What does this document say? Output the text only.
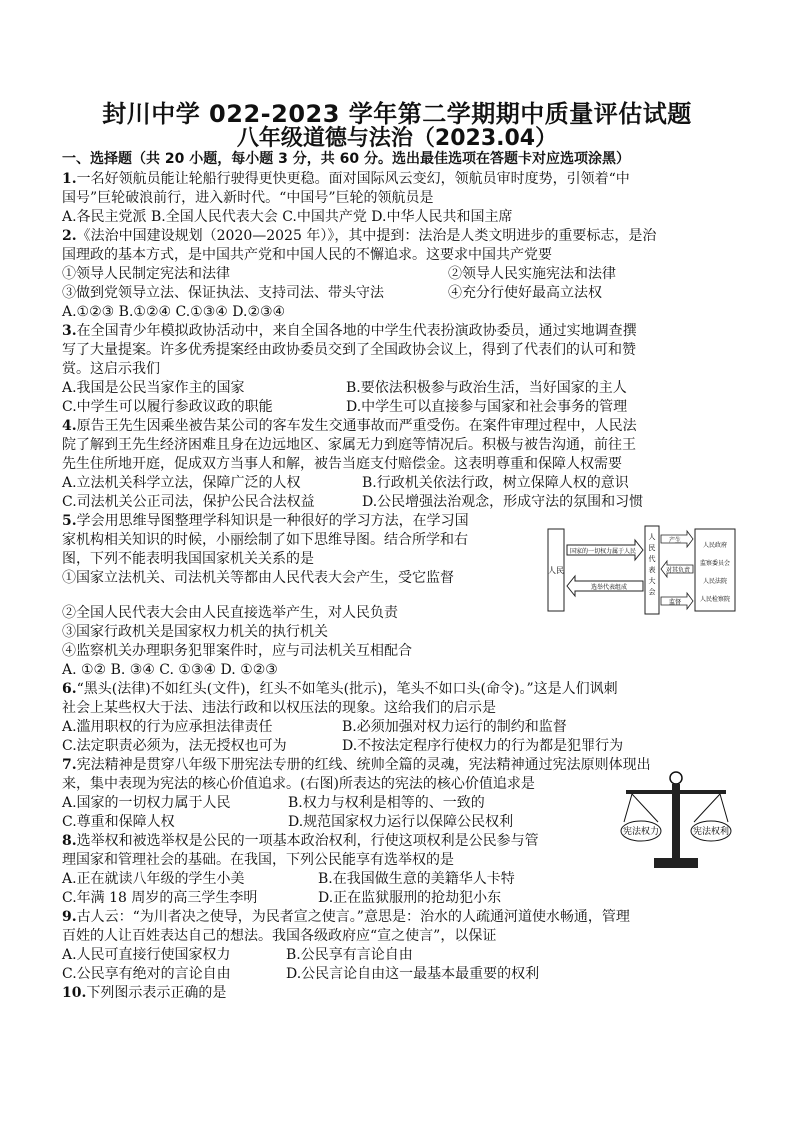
封川中学 022-2023 学年第二学期期中质量评估试题
八年级道德与法治（2023.04）
一、选择题（共 20 小题，每小题 3 分，共 60 分。选出最佳选项在答题卡对应选项涂黑）
1.一名好领航员能让轮船行驶得更快更稳。面对国际风云变幻，领航员审时度势，引领着“中
国号”巨轮破浪前行，进入新时代。“中国号”巨轮的领航员是
A.各民主党派 B.全国人民代表大会 C.中国共产党 D.中华人民共和国主席
2.《法治中国建设规划（2020—2025 年）》，其中提到：法治是人类文明进步的重要标志，是治
国理政的基本方式，是中国共产党和中国人民的不懈追求。这要求中国共产党要
①领导人民制定宪法和法律	②领导人民实施宪法和法律
③做到党领导立法、保证执法、支持司法、带头守法	④充分行使好最高立法权
A.①②③ B.①②④ C.①③④ D.②③④
3.在全国青少年模拟政协活动中，来自全国各地的中学生代表扮演政协委员，通过实地调查撰
写了大量提案。许多优秀提案经由政协委员交到了全国政协会议上，得到了代表们的认可和赞
赏。这启示我们
A.我国是公民当家作主的国家	B.要依法积极参与政治生活，当好国家的主人
C.中学生可以履行参政议政的职能	D.中学生可以直接参与国家和社会事务的管理
4.原告王先生因乘坐被告某公司的客车发生交通事故而严重受伤。在案件审理过程中，人民法
院了解到王先生经济困难且身在边远地区、家属无力到庭等情况后。积极与被告沟通，前往王
先生住所地开庭，促成双方当事人和解，被告当庭支付赔偿金。这表明尊重和保障人权需要
A.立法机关科学立法，保障广泛的人权	B.行政机关依法行政，树立保障人权的意识
C.司法机关公正司法，保护公民合法权益	D.公民增强法治观念，形成守法的氛围和习惯
5.学会用思维导图整理学科知识是一种很好的学习方法，在学习国
家机构相关知识的时候，小丽绘制了如下思维导图。结合所学和右
图，下列不能表明我国国家机关关系的是
①国家立法机关、司法机关等都由人民代表大会产生，受它监督
②全国人民代表大会由人民直接选举产生，对人民负责
③国家行政机关是国家权力机关的执行机关
④监察机关办理职务犯罪案件时，应与司法机关互相配合
A. ①② B. ③④ C. ①③④ D. ①②③
人民
国家的一切权力属于人民
选举代表组成
人民代表大会
产生
对其负责
监督
人民政府
监察委员会
人民法院
人民检察院
6.“黑头(法律)不如红头(文件)，红头不如笔头(批示)，笔头不如口头(命令)。”这是人们讽刺
社会上某些权大于法、违法行政和以权压法的现象。这给我们的启示是
A.滥用职权的行为应承担法律责任	B.必须加强对权力运行的制约和监督
C.法定职责必须为，法无授权也可为	D.不按法定程序行使权力的行为都是犯罪行为
7.宪法精神是贯穿八年级下册宪法专册的红线、统帅全篇的灵魂，宪法精神通过宪法原则体现出
来，集中表现为宪法的核心价值追求。(右图)所表达的宪法的核心价值追求是
A.国家的一切权力属于人民	B.权力与权利是相等的、一致的
C.尊重和保障人权	D.规范国家权力运行以保障公民权利
宪法权力	宪法权利
8.选举权和被选举权是公民的一项基本政治权利，行使这项权利是公民参与管
理国家和管理社会的基础。在我国，下列公民能享有选举权的是
A.正在就读八年级的学生小美	B.在我国做生意的美籍华人卡特
C.年满 18 周岁的高三学生李明	D.正在监狱服刑的抢劫犯小东
9.古人云：“为川者决之使导，为民者宣之使言。”意思是：治水的人疏通河道使水畅通，管理
百姓的人让百姓表达自己的想法。我国各级政府应“宣之使言”，以保证
A.人民可直接行使国家权力	B.公民享有言论自由
C.公民享有绝对的言论自由	D.公民言论自由这一最基本最重要的权利
10.下列图示表示正确的是
